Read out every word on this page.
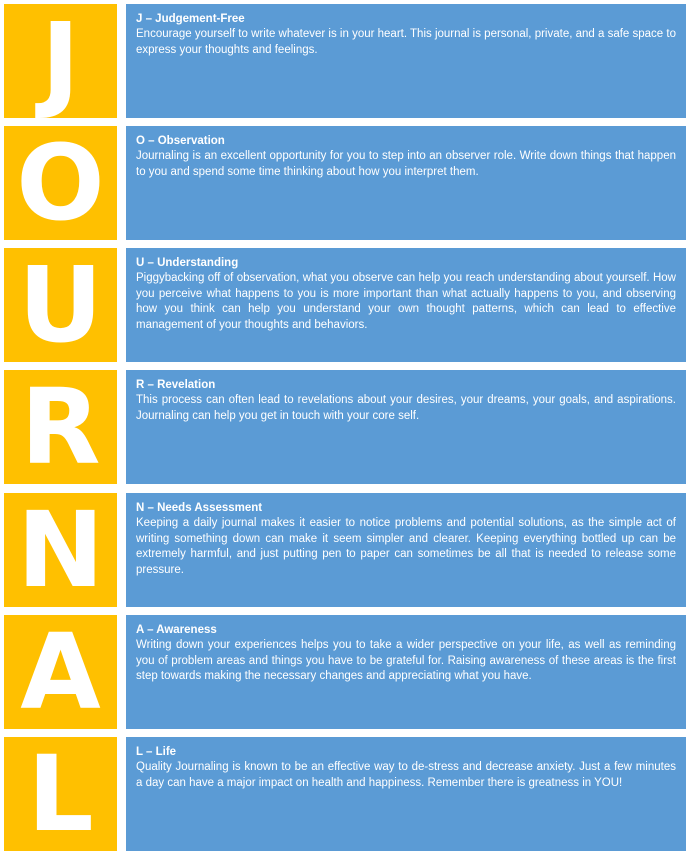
J	J – Judgement-Free

Encourage yourself to write whatever is in your heart. This journal is personal, private, and a safe space to express your thoughts and feelings.

O	O – Observation

Journaling is an excellent opportunity for you to step into an observer role. Write down things that happen to you and spend some time thinking about how you interpret them.

U	U – Understanding

Piggybacking off of observation, what you observe can help you reach understanding about yourself. How you perceive what happens to you is more important than what actually happens to you, and observing how you think can help you understand your own thought patterns, which can lead to effective management of your thoughts and behaviors.

R	R – Revelation

This process can often lead to revelations about your desires, your dreams, your goals, and aspirations. Journaling can help you get in touch with your core self.

N	N – Needs Assessment

Keeping a daily journal makes it easier to notice problems and potential solutions, as the simple act of writing something down can make it seem simpler and clearer. Keeping everything bottled up can be extremely harmful, and just putting pen to paper can sometimes be all that is needed to release some pressure.

A	A – Awareness

Writing down your experiences helps you to take a wider perspective on your life, as well as reminding you of problem areas and things you have to be grateful for. Raising awareness of these areas is the first step towards making the necessary changes and appreciating what you have.

L	L – Life

Quality Journaling is known to be an effective way to de-stress and decrease anxiety. Just a few minutes a day can have a major impact on health and happiness. Remember there is greatness in YOU!
